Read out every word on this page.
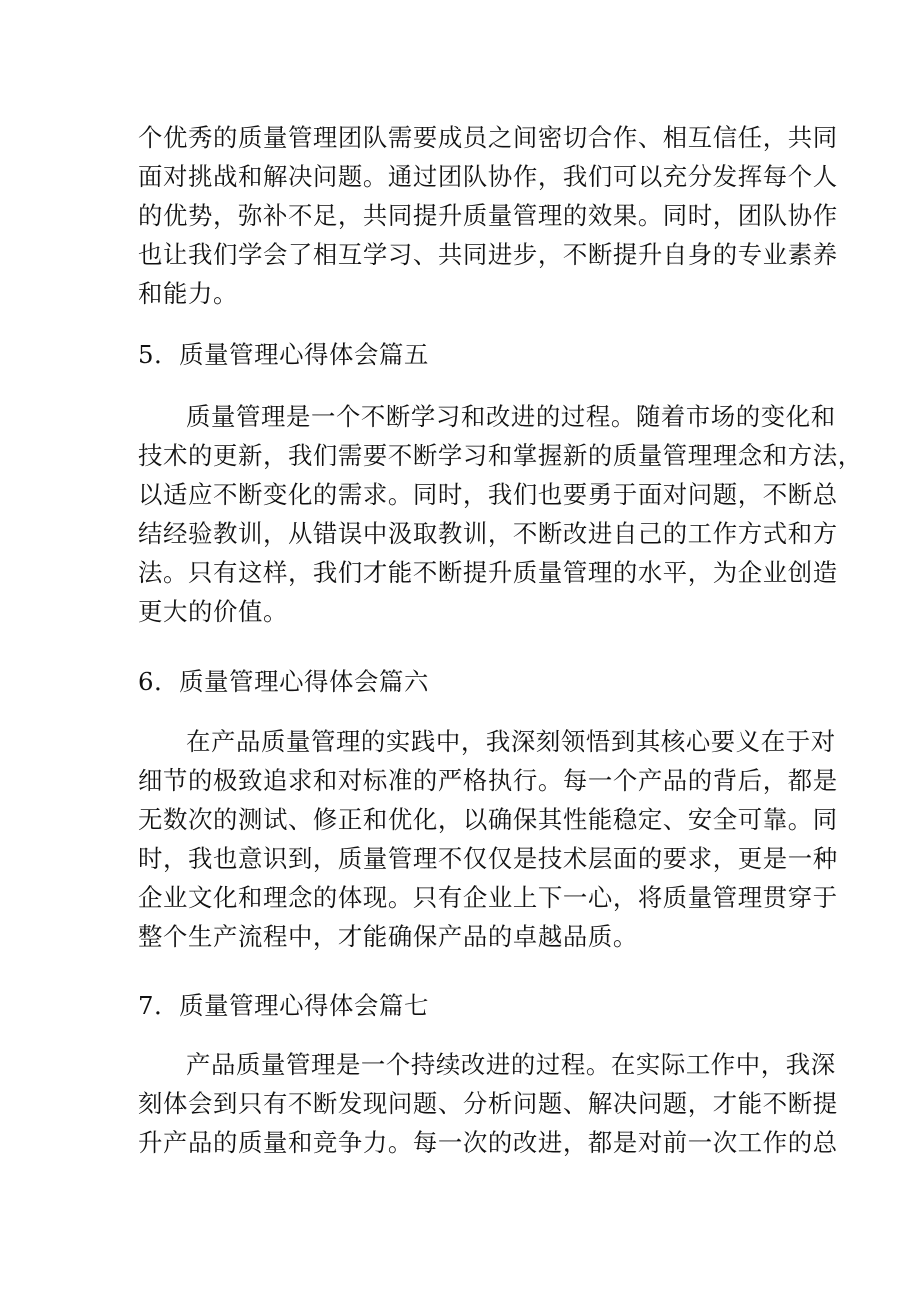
个优秀的质量管理团队需要成员之间密切合作、相互信任，共同
面对挑战和解决问题。通过团队协作，我们可以充分发挥每个人
的优势，弥补不足，共同提升质量管理的效果。同时，团队协作
也让我们学会了相互学习、共同进步，不断提升自身的专业素养
和能力。
5．质量管理心得体会篇五
质量管理是一个不断学习和改进的过程。随着市场的变化和
技术的更新，我们需要不断学习和掌握新的质量管理理念和方法，
以适应不断变化的需求。同时，我们也要勇于面对问题，不断总
结经验教训，从错误中汲取教训，不断改进自己的工作方式和方
法。只有这样，我们才能不断提升质量管理的水平，为企业创造
更大的价值。
6．质量管理心得体会篇六
在产品质量管理的实践中，我深刻领悟到其核心要义在于对
细节的极致追求和对标准的严格执行。每一个产品的背后，都是
无数次的测试、修正和优化，以确保其性能稳定、安全可靠。同
时，我也意识到，质量管理不仅仅是技术层面的要求，更是一种
企业文化和理念的体现。只有企业上下一心，将质量管理贯穿于
整个生产流程中，才能确保产品的卓越品质。
7．质量管理心得体会篇七
产品质量管理是一个持续改进的过程。在实际工作中，我深
刻体会到只有不断发现问题、分析问题、解决问题，才能不断提
升产品的质量和竞争力。每一次的改进，都是对前一次工作的总
